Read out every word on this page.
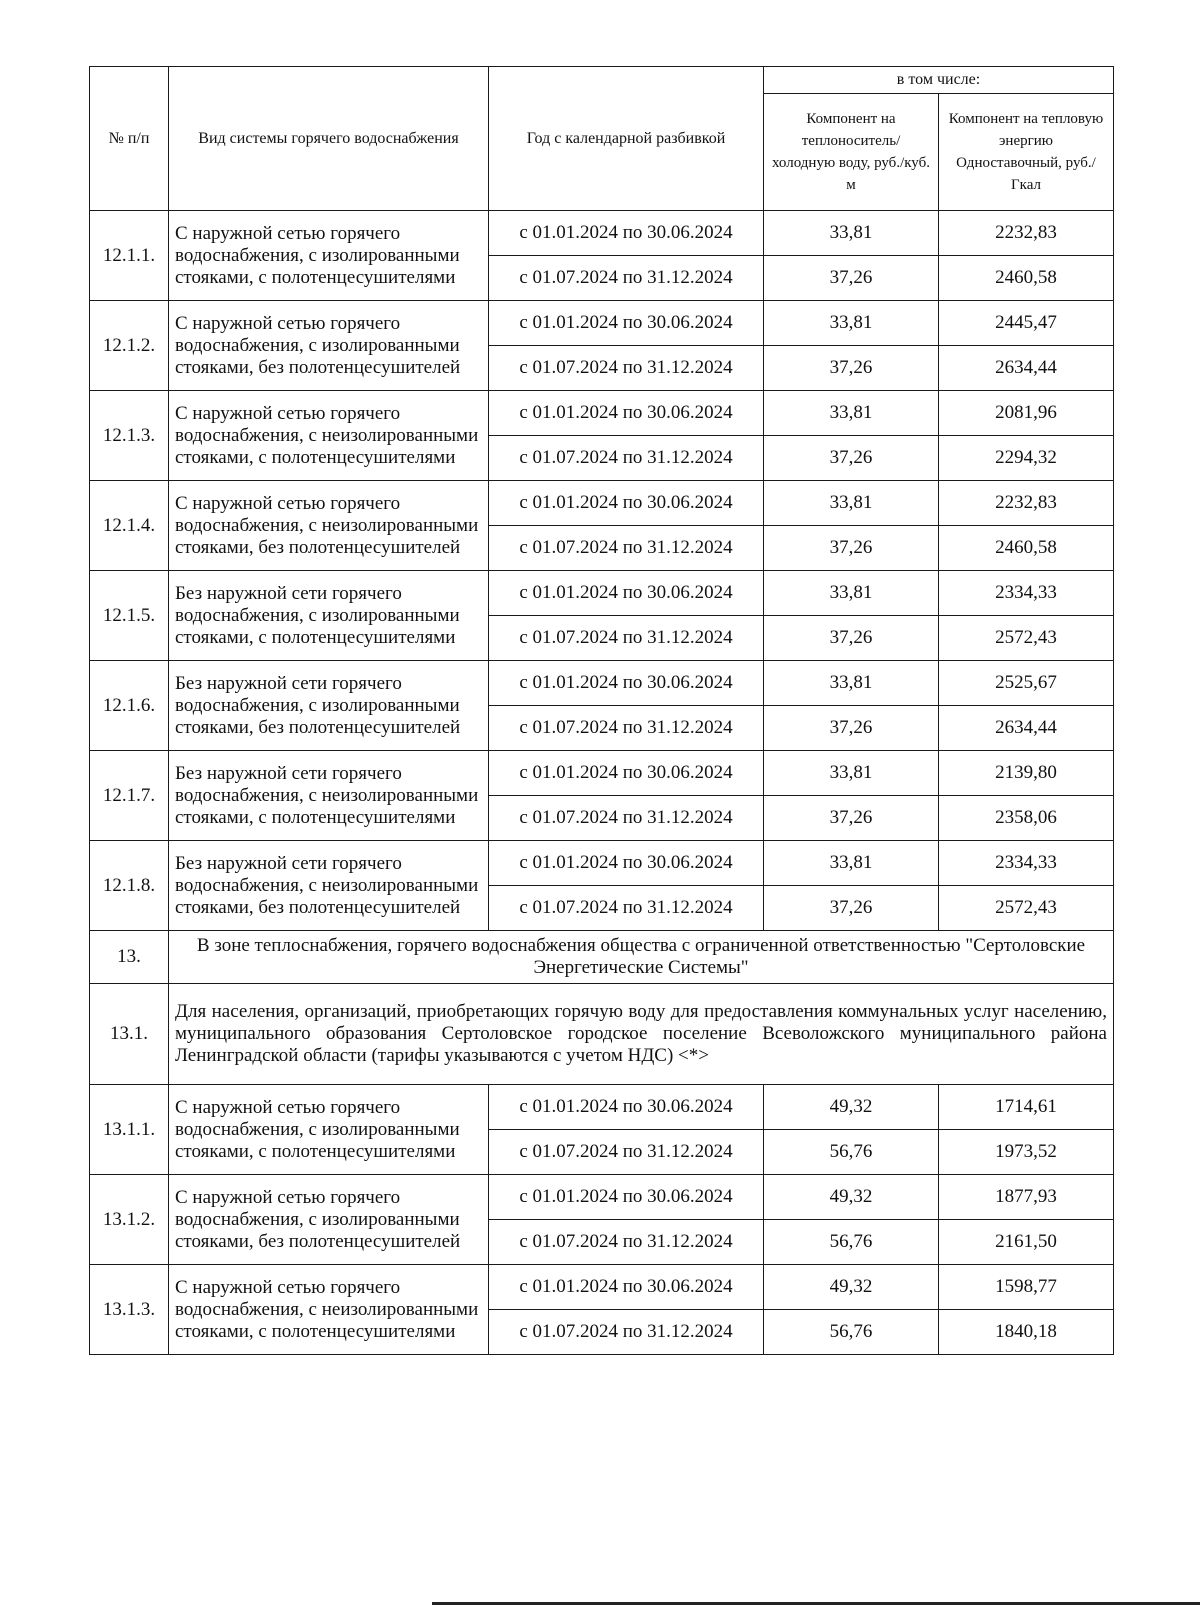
№ п/п	Вид системы горячего водоснабжения	Год с календарной разбивкой	в том числе:	
			Компонент на теплоноситель/ холодную воду, руб./куб. м	Компонент на тепловую энергию Одноставочный, руб./Гкал
12.1.1.	С наружной сетью горячего водоснабжения, с изолированными стояками, с полотенцесушителями	с 01.01.2024 по 30.06.2024	33,81	2232,83
		с 01.07.2024 по 31.12.2024	37,26	2460,58
12.1.2.	С наружной сетью горячего водоснабжения, с изолированными стояками, без полотенцесушителей	с 01.01.2024 по 30.06.2024	33,81	2445,47
		с 01.07.2024 по 31.12.2024	37,26	2634,44
12.1.3.	С наружной сетью горячего водоснабжения, с неизолированными стояками, с полотенцесушителями	с 01.01.2024 по 30.06.2024	33,81	2081,96
		с 01.07.2024 по 31.12.2024	37,26	2294,32
12.1.4.	С наружной сетью горячего водоснабжения, с неизолированными стояками, без полотенцесушителей	с 01.01.2024 по 30.06.2024	33,81	2232,83
		с 01.07.2024 по 31.12.2024	37,26	2460,58
12.1.5.	Без наружной сети горячего водоснабжения, с изолированными стояками, с полотенцесушителями	с 01.01.2024 по 30.06.2024	33,81	2334,33
		с 01.07.2024 по 31.12.2024	37,26	2572,43
12.1.6.	Без наружной сети горячего водоснабжения, с изолированными стояками, без полотенцесушителей	с 01.01.2024 по 30.06.2024	33,81	2525,67
		с 01.07.2024 по 31.12.2024	37,26	2634,44
12.1.7.	Без наружной сети горячего водоснабжения, с неизолированными стояками, с полотенцесушителями	с 01.01.2024 по 30.06.2024	33,81	2139,80
		с 01.07.2024 по 31.12.2024	37,26	2358,06
12.1.8.	Без наружной сети горячего водоснабжения, с неизолированными стояками, без полотенцесушителей	с 01.01.2024 по 30.06.2024	33,81	2334,33
		с 01.07.2024 по 31.12.2024	37,26	2572,43
13.	В зоне теплоснабжения, горячего водоснабжения общества с ограниченной ответственностью "Сертоловские Энергетические Системы"			
13.1.	Для населения, организаций, приобретающих горячую воду для предоставления коммунальных услуг населению, муниципального образования Сертоловское городское поселение Всеволожского муниципального района Ленинградской области (тарифы указываются с учетом НДС) <*>			
13.1.1.	С наружной сетью горячего водоснабжения, с изолированными стояками, с полотенцесушителями	с 01.01.2024 по 30.06.2024	49,32	1714,61
		с 01.07.2024 по 31.12.2024	56,76	1973,52
13.1.2.	С наружной сетью горячего водоснабжения, с изолированными стояками, без полотенцесушителей	с 01.01.2024 по 30.06.2024	49,32	1877,93
		с 01.07.2024 по 31.12.2024	56,76	2161,50
13.1.3.	С наружной сетью горячего водоснабжения, с неизолированными стояками, с полотенцесушителями	с 01.01.2024 по 30.06.2024	49,32	1598,77
		с 01.07.2024 по 31.12.2024	56,76	1840,18
